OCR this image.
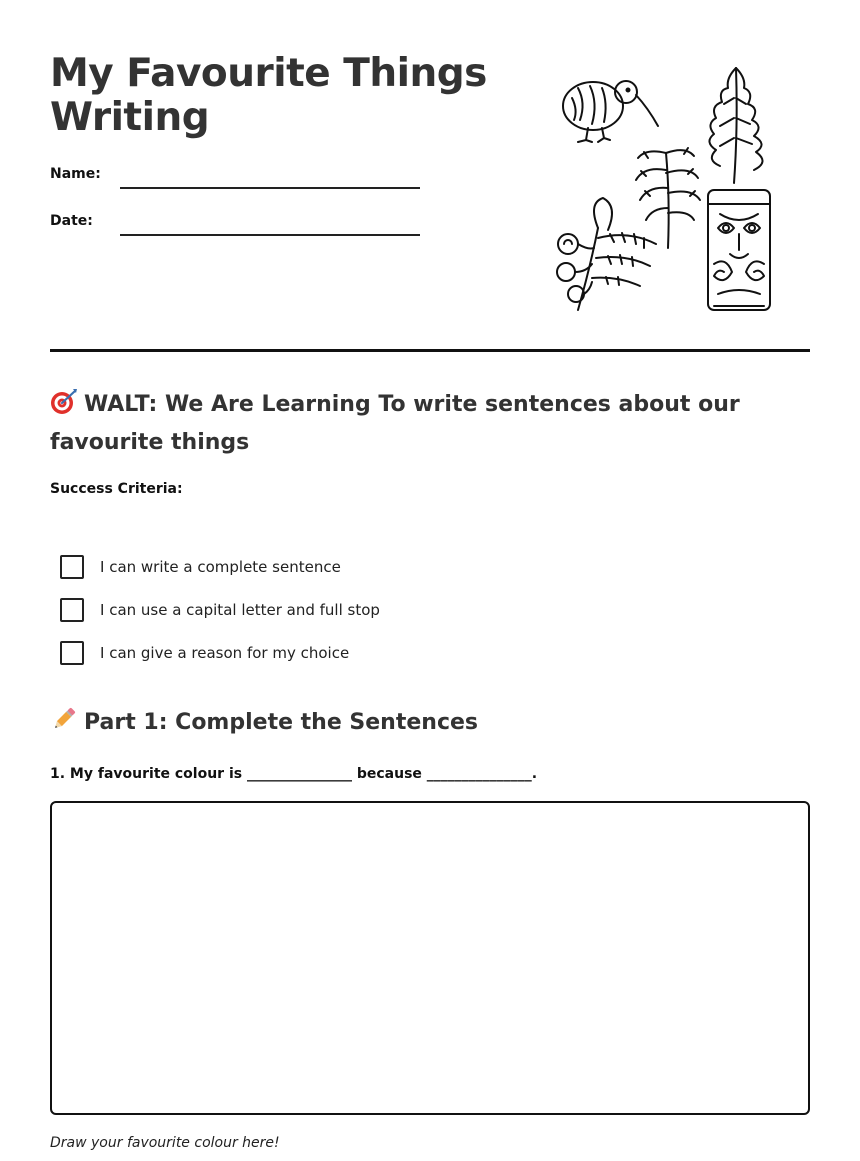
My Favourite Things
Writing
Name:
Date:
WALT: We Are Learning To write sentences about our favourite things
Success Criteria:
I can write a complete sentence
I can use a capital letter and full stop
I can give a reason for my choice
Part 1: Complete the Sentences
1. My favourite colour is _______________ because _______________.
Draw your favourite colour here!
